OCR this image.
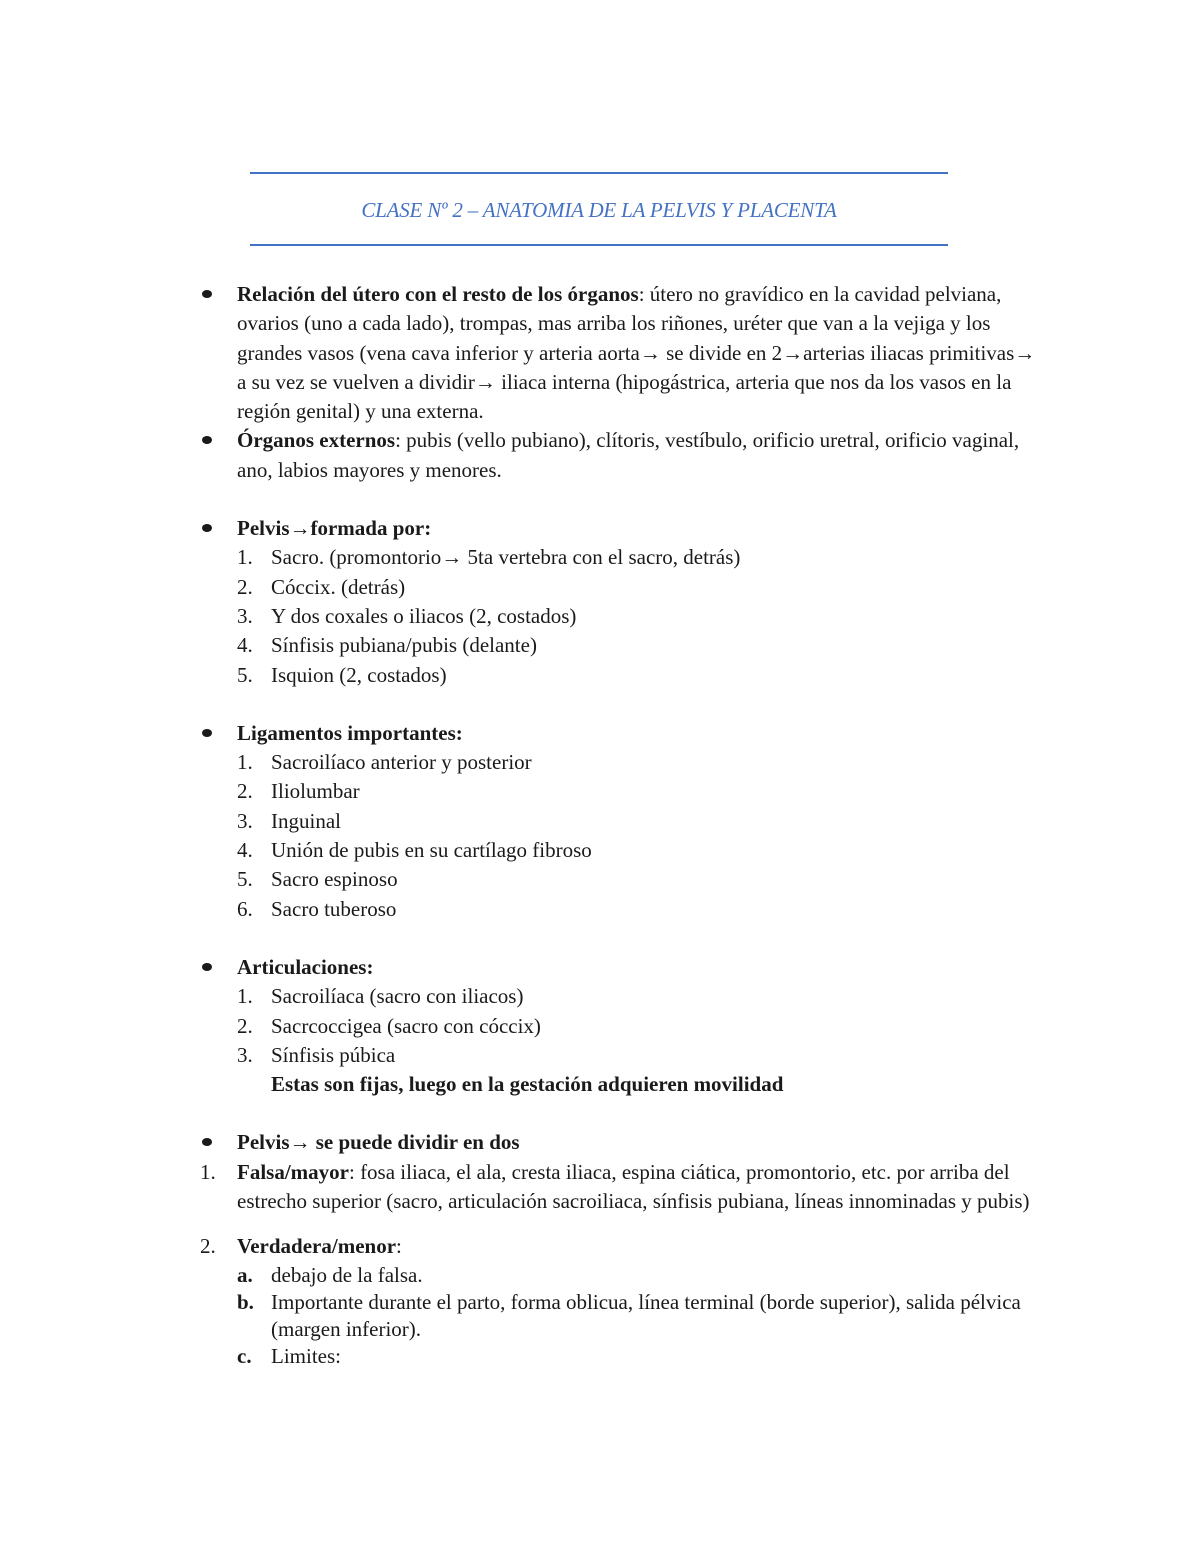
CLASE Nº 2 – ANATOMIA DE LA PELVIS Y PLACENTA
Relación del útero con el resto de los órganos: útero no gravídico en la cavidad pelviana, ovarios (uno a cada lado), trompas, mas arriba los riñones, uréter que van a la vejiga y los grandes vasos (vena cava inferior y arteria aorta→ se divide en 2→arterias iliacas primitivas→ a su vez se vuelven a dividir→ iliaca interna (hipogástrica, arteria que nos da los vasos en la región genital) y una externa.
Órganos externos: pubis (vello pubiano), clítoris, vestíbulo, orificio uretral, orificio vaginal, ano, labios mayores y menores.
Pelvis→formada por:
1. Sacro. (promontorio→ 5ta vertebra con el sacro, detrás)
2. Cóccix. (detrás)
3. Y dos coxales o iliacos (2, costados)
4. Sínfisis pubiana/pubis (delante)
5. Isquion (2, costados)
Ligamentos importantes:
1. Sacroilíaco anterior y posterior
2. Iliolumbar
3. Inguinal
4. Unión de pubis en su cartílago fibroso
5. Sacro espinoso
6. Sacro tuberoso
Articulaciones:
1. Sacroilíaca (sacro con iliacos)
2. Sacrcoccigea (sacro con cóccix)
3. Sínfisis púbica
Estas son fijas, luego en la gestación adquieren movilidad
Pelvis→ se puede dividir en dos
1. Falsa/mayor: fosa iliaca, el ala, cresta iliaca, espina ciática, promontorio, etc. por arriba del estrecho superior (sacro, articulación sacroiliaca, sínfisis pubiana, líneas innominadas y pubis)
2. Verdadera/menor:
a. debajo de la falsa.
b. Importante durante el parto, forma oblicua, línea terminal (borde superior), salida pélvica (margen inferior).
c. Limites:
